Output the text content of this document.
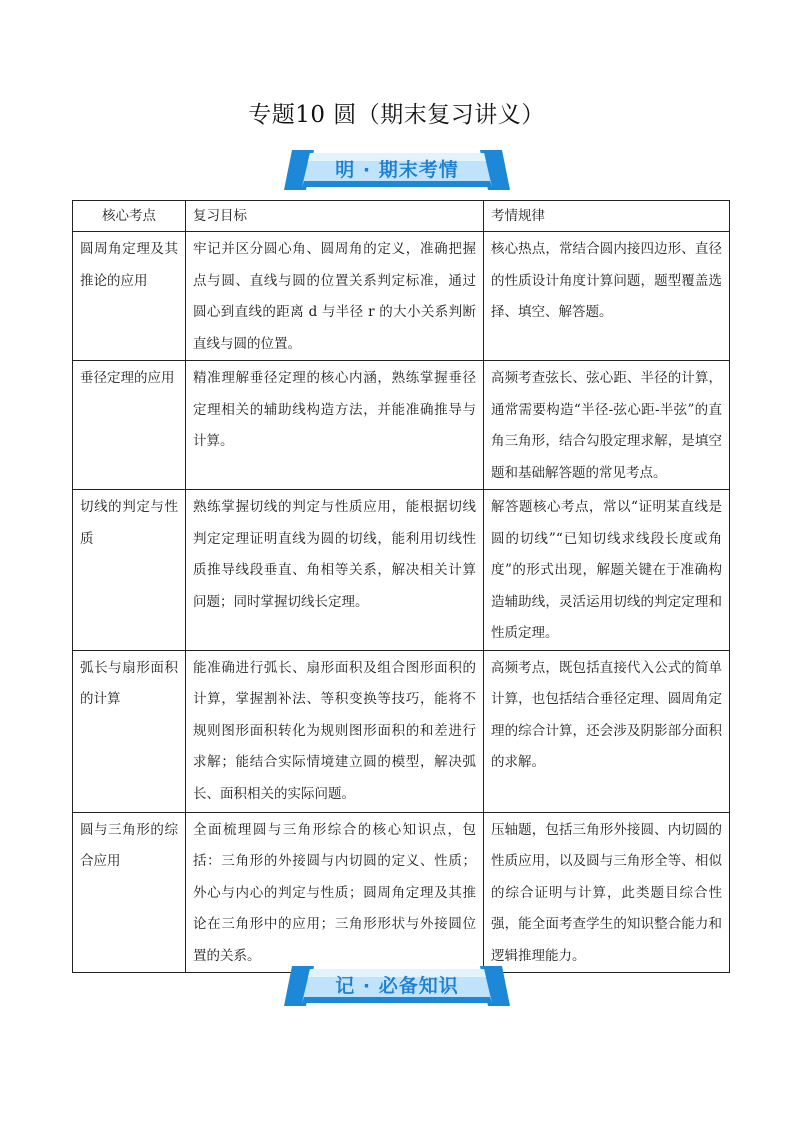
专题10 圆（期末复习讲义）
明 · 期末考情
核心考点	复习目标	考情规律
圆周角定理及其推论的应用	牢记并区分圆心角、圆周角的定义，准确把握点与圆、直线与圆的位置关系判定标准，通过圆心到直线的距离 d 与半径 r 的大小关系判断直线与圆的位置。	核心热点，常结合圆内接四边形、直径的性质设计角度计算问题，题型覆盖选择、填空、解答题。
垂径定理的应用	精准理解垂径定理的核心内涵，熟练掌握垂径定理相关的辅助线构造方法，并能准确推导与计算。	高频考查弦长、弦心距、半径的计算，通常需要构造“半径-弦心距-半弦”的直角三角形，结合勾股定理求解，是填空题和基础解答题的常见考点。
切线的判定与性质	熟练掌握切线的判定与性质应用，能根据切线判定定理证明直线为圆的切线，能利用切线性质推导线段垂直、角相等关系，解决相关计算问题；同时掌握切线长定理。	解答题核心考点，常以“证明某直线是圆的切线”“已知切线求线段长度或角度”的形式出现，解题关键在于准确构造辅助线，灵活运用切线的判定定理和性质定理。
弧长与扇形面积的计算	能准确进行弧长、扇形面积及组合图形面积的计算，掌握割补法、等积变换等技巧，能将不规则图形面积转化为规则图形面积的和差进行求解；能结合实际情境建立圆的模型，解决弧长、面积相关的实际问题。	高频考点，既包括直接代入公式的简单计算，也包括结合垂径定理、圆周角定理的综合计算，还会涉及阴影部分面积的求解。
圆与三角形的综合应用	全面梳理圆与三角形综合的核心知识点，包括：三角形的外接圆与内切圆的定义、性质；外心与内心的判定与性质；圆周角定理及其推论在三角形中的应用；三角形形状与外接圆位置的关系。	压轴题，包括三角形外接圆、内切圆的性质应用，以及圆与三角形全等、相似的综合证明与计算，此类题目综合性强，能全面考查学生的知识整合能力和逻辑推理能力。
记 · 必备知识
